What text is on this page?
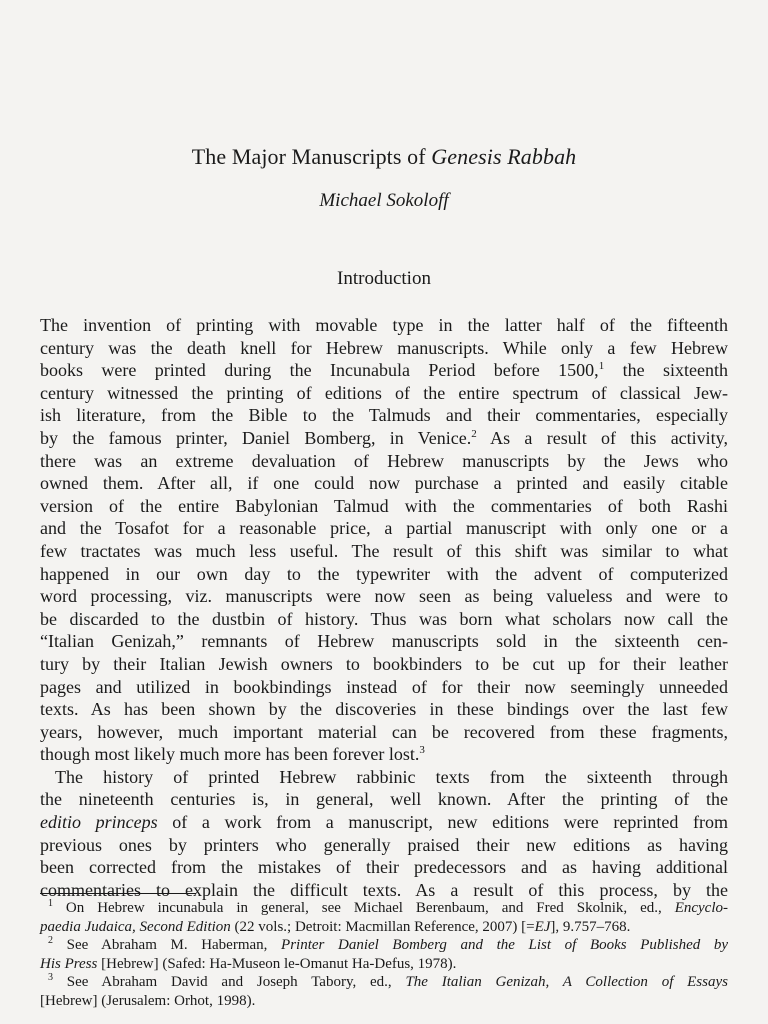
The Major Manuscripts of Genesis Rabbah
Michael Sokoloff
Introduction
The invention of printing with movable type in the latter half of the fifteenth
century was the death knell for Hebrew manuscripts. While only a few Hebrew
books were printed during the Incunabula Period before 1500,$^1$ the sixteenth
century witnessed the printing of editions of the entire spectrum of classical Jew-
ish literature, from the Bible to the Talmuds and their commentaries, especially
by the famous printer, Daniel Bomberg, in Venice.$^2$ As a result of this activity,
there was an extreme devaluation of Hebrew manuscripts by the Jews who
owned them. After all, if one could now purchase a printed and easily citable
version of the entire Babylonian Talmud with the commentaries of both Rashi
and the Tosafot for a reasonable price, a partial manuscript with only one or a
few tractates was much less useful. The result of this shift was similar to what
happened in our own day to the typewriter with the advent of computerized
word processing, viz. manuscripts were now seen as being valueless and were to
be discarded to the dustbin of history. Thus was born what scholars now call the
“Italian Genizah,” remnants of Hebrew manuscripts sold in the sixteenth cen-
tury by their Italian Jewish owners to bookbinders to be cut up for their leather
pages and utilized in bookbindings instead of for their now seemingly unneeded
texts. As has been shown by the discoveries in these bindings over the last few
years, however, much important material can be recovered from these fragments,
though most likely much more has been forever lost.$^3$
The history of printed Hebrew rabbinic texts from the sixteenth through
the nineteenth centuries is, in general, well known. After the printing of the
editio princeps of a work from a manuscript, new editions were reprinted from
previous ones by printers who generally praised their new editions as having
been corrected from the mistakes of their predecessors and as having additional
commentaries to explain the difficult texts. As a result of this process, by the
$^1$ On Hebrew incunabula in general, see Michael Berenbaum, and Fred Skolnik, ed., Encyclo-
paedia Judaica, Second Edition (22 vols.; Detroit: Macmillan Reference, 2007) [=EJ], 9.757–768.
$^2$ See Abraham M. Haberman, Printer Daniel Bomberg and the List of Books Published by
His Press [Hebrew] (Safed: Ha-Museon le-Omanut Ha-Defus, 1978).
$^3$ See Abraham David and Joseph Tabory, ed., The Italian Genizah, A Collection of Essays
[Hebrew] (Jerusalem: Orhot, 1998).
